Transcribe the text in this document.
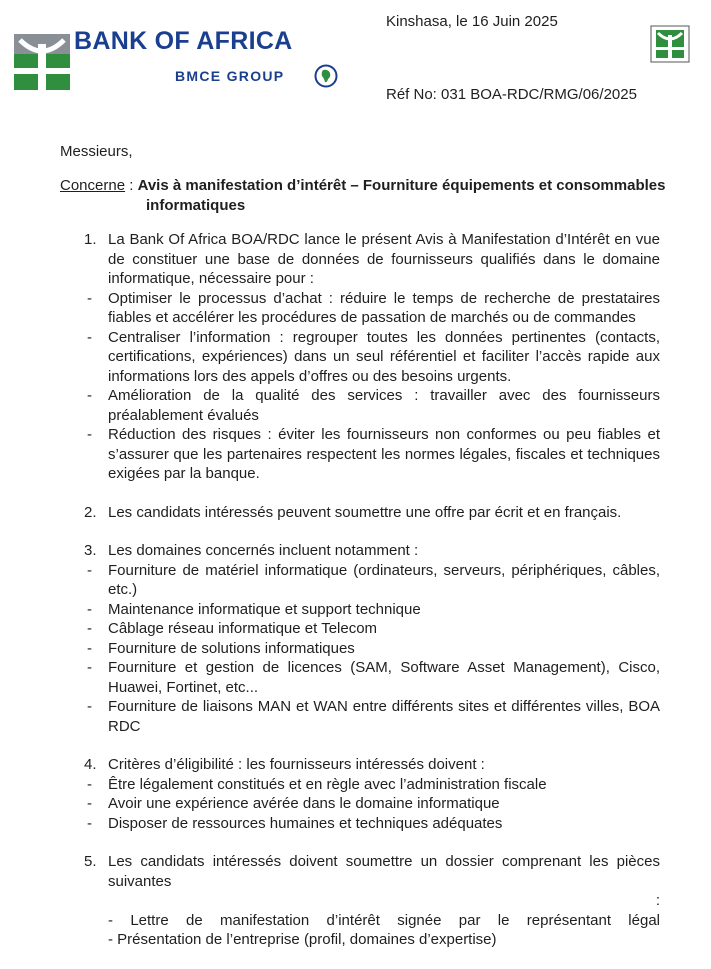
BANK OF AFRICA
BMCE GROUP
Kinshasa, le 16 Juin 2025
Réf No: 031 BOA-RDC/RMG/06/2025
Messieurs,
Concerne : Avis à manifestation d’intérêt – Fourniture équipements et consommables
informatiques
1. La Bank Of Africa BOA/RDC lance le présent Avis à Manifestation d’Intérêt en vue de constituer une base de données de fournisseurs qualifiés dans le domaine informatique, nécessaire pour :
- Optimiser le processus d’achat : réduire le temps de recherche de prestataires fiables et accélérer les procédures de passation de marchés ou de commandes
- Centraliser l’information : regrouper toutes les données pertinentes (contacts, certifications, expériences) dans un seul référentiel et faciliter l’accès rapide aux informations lors des appels d’offres ou des besoins urgents.
- Amélioration de la qualité des services : travailler avec des fournisseurs préalablement évalués
- Réduction des risques : éviter les fournisseurs non conformes ou peu fiables et s’assurer que les partenaires respectent les normes légales, fiscales et techniques exigées par la banque.
2. Les candidats intéressés peuvent soumettre une offre par écrit et en français.
3. Les domaines concernés incluent notamment :
- Fourniture de matériel informatique (ordinateurs, serveurs, périphériques, câbles, etc.)
- Maintenance informatique et support technique
- Câblage réseau informatique et Telecom
- Fourniture de solutions informatiques
- Fourniture et gestion de licences (SAM, Software Asset Management), Cisco, Huawei, Fortinet, etc...
- Fourniture de liaisons MAN et WAN entre différents sites et différentes villes, BOA RDC
4. Critères d’éligibilité : les fournisseurs intéressés doivent :
- Être légalement constitués et en règle avec l’administration fiscale
- Avoir une expérience avérée dans le domaine informatique
- Disposer de ressources humaines et techniques adéquates
5. Les candidats intéressés doivent soumettre un dossier comprenant les pièces suivantes
:
- Lettre de manifestation d’intérêt signée par le représentant légal
- Présentation de l’entreprise (profil, domaines d’expertise)
